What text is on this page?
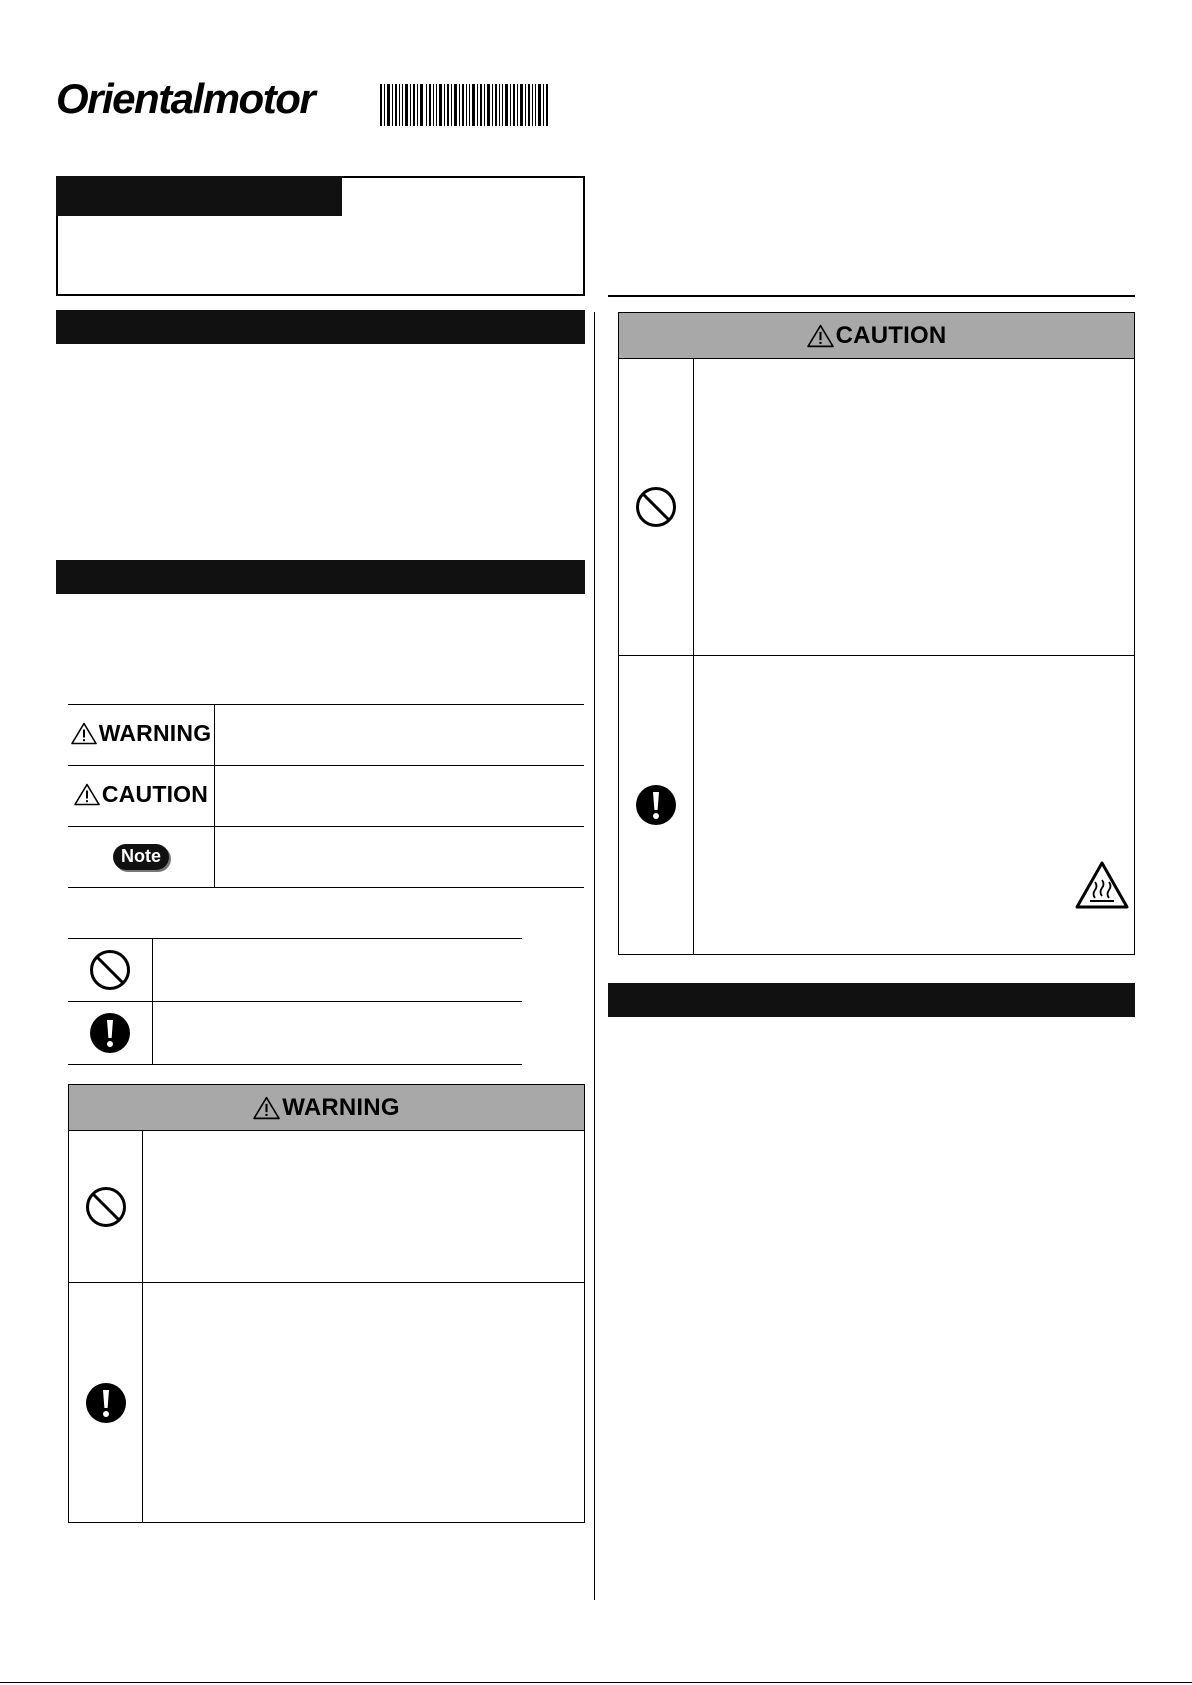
Orientalmotor
WARNING	

CAUTION	

Note	

WARNING
CAUTION
